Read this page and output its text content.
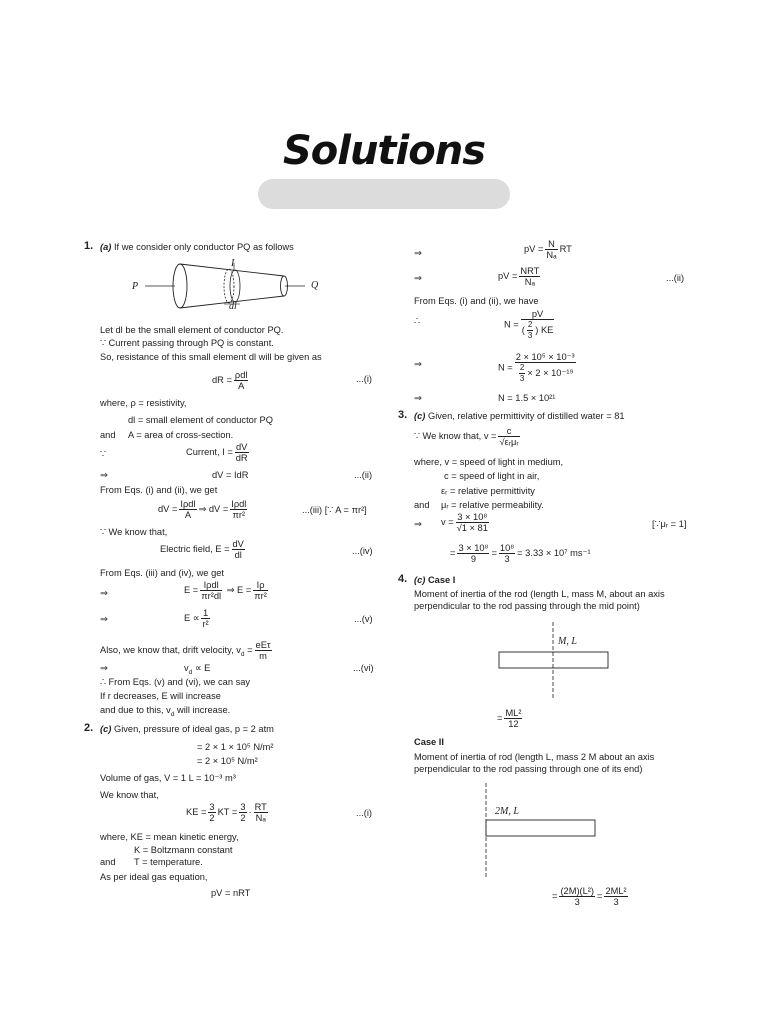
Solutions
1. (a) If we consider only conductor PQ as follows
P	Q
dl
I
Let dl be the small element of conductor PQ.
∵ Current passing through PQ is constant.
So, resistance of this small element dl will be given as
dR = $\frac{\text{ρdl}}{A}$	...(i)
where, ρ = resistivity,
dl = small element of conductor PQ
and A = area of cross-section.
∵	Current, $I = \frac{dV}{dR}$
⇒	dV = IdR	...(ii)
From Eqs. (i) and (ii), we get
dV = $\frac{\text{Iρdl}}{A}$ ⇒ dV = $\frac{\text{Iρdl}}{\text{πr²}}$	...(iii) [∵ A = πr²]
∵ We know that,
Electric field, $E = \frac{dV}{dl}$	...(iv)
From Eqs. (iii) and (iv), we get
⇒	$E = \frac{\text{Iρdl}}{\text{πr²dl}}$ ⇒ $E = \frac{I\rho}{\text{πr²}}$
⇒	$E \propto \frac{1}{\text{r²}}$	...(v)
Also, we know that, drift velocity, $v_d = \frac{\text{eEτ}}{m}$
⇒	$v_d \propto E$	...(vi)
∴ From Eqs. (v) and (vi), we can say
If r decreases, E will increase
and due to this, $v_d$ will increase.
2. (c) Given, pressure of ideal gas, p = 2 atm
= 2 × 1 × 10⁵ N/m²
= 2 × 10⁵ N/m²
Volume of gas, V = 1 L = 10⁻³ m³
We know that,
KE = $\frac{3}{2}$ KT = $\frac{3}{2} \cdot \frac{RT}{\text{Nₐ}}$	...(i)
where, KE = mean kinetic energy,
K = Boltzmann constant
and T = temperature.
As per ideal gas equation,
pV = nRT
⇒	pV = $\frac{N}{\text{Nₐ}}$ RT
⇒	pV = $\frac{\text{NRT}}{\text{Nₐ}}$	...(ii)
From Eqs. (i) and (ii), we have
∴	$N = \frac{pV}{( \frac{2}{3} ) KE}$
⇒	$N = \frac{\text{2 × 10⁵ × 10⁻³}}{\frac{2}{3} \times 2 \times 10^{-19}}$
⇒	N = 1.5 × 10²¹
3. (c) Given, relative permittivity of distilled water = 81
∵ We know that, $v = \frac{c}{\text{√εᵣμᵣ}}$
where, v = speed of light in medium,
c = speed of light in air,
εᵣ = relative permittivity
and μᵣ = relative permeability.
⇒ $v = \frac{\text{3 × 10⁸}}{√1 \times 81}$	[∵μᵣ = 1]
= $\frac{\text{3 × 10⁸}}{9} = \frac{\text{10⁸}}{3} = 3.33 \times 10^7$ ms⁻¹
4. (c) Case I
Moment of inertia of the rod (length L, mass M, about an axis
perpendicular to the rod passing through the mid point)
M, L
= $\frac{\text{ML²}}{12}$
Case II
Moment of inertia of rod (length L, mass 2 M about an axis
perpendicular to the rod passing through one of its end)
2M, L
= $\frac{\text{(2M)(L²)}}{3} = \frac{\text{2ML²}}{3}$
